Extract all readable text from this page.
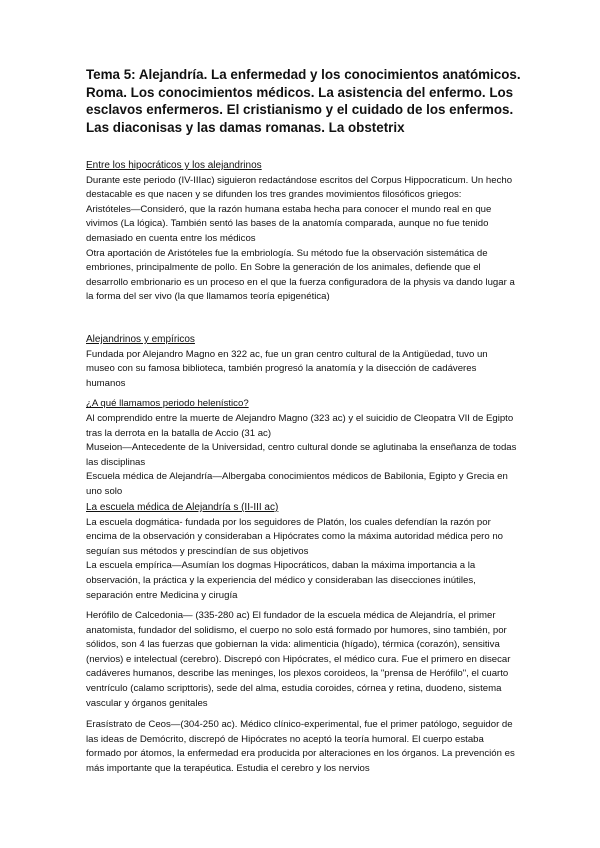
Tema 5: Alejandría. La enfermedad y los conocimientos anatómicos. Roma. Los conocimientos médicos. La asistencia del enfermo. Los esclavos enfermeros. El cristianismo y el cuidado de los enfermos. Las diaconisas y las damas romanas. La obstetrix

Entre los hipocráticos y los alejandrinos

Durante este periodo (IV-IIIac) siguieron redactándose escritos del Corpus Hippocraticum. Un hecho destacable es que nacen y se difunden los tres grandes movimientos filosóficos griegos:

Aristóteles—Consideró, que la razón humana estaba hecha para conocer el mundo real en que vivimos (La lógica). También sentó las bases de la anatomía comparada, aunque no fue tenido demasiado en cuenta entre los médicos

Otra aportación de Aristóteles fue la embriología. Su método fue la observación sistemática de embriones, principalmente de pollo. En Sobre la generación de los animales, defiende que el desarrollo embrionario es un proceso en el que la fuerza configuradora de la physis va dando lugar a la forma del ser vivo (la que llamamos teoría epigenética)

Alejandrinos y empíricos

Fundada por Alejandro Magno en 322 ac, fue un gran centro cultural de la Antigüedad, tuvo un museo con su famosa biblioteca, también progresó la anatomía y la disección de cadáveres humanos

¿A qué llamamos periodo helenístico?

Al comprendido entre la muerte de Alejandro Magno (323 ac) y el suicidio de Cleopatra VII de Egipto tras la derrota en la batalla de Accio (31 ac)

Museion—Antecedente de la Universidad, centro cultural donde se aglutinaba la enseñanza de todas las disciplinas

Escuela médica de Alejandría—Albergaba conocimientos médicos de Babilonia, Egipto y Grecia en uno solo

La escuela médica de Alejandría s (II-III ac)

La escuela dogmática- fundada por los seguidores de Platón, los cuales defendían la razón por encima de la observación y consideraban a Hipócrates como la máxima autoridad médica pero no seguían sus métodos y prescindían de sus objetivos

La escuela empírica—Asumían los dogmas Hipocráticos, daban la máxima importancia a la observación, la práctica y la experiencia del médico y consideraban las disecciones inútiles, separación entre Medicina y cirugía

Herófilo de Calcedonia— (335-280 ac) El fundador de la escuela médica de Alejandría, el primer anatomista, fundador del solidismo, el cuerpo no solo está formado por humores, sino también, por sólidos, son 4 las fuerzas que gobiernan la vida: alimenticia (hígado), térmica (corazón), sensitiva (nervios) e intelectual (cerebro). Discrepó con Hipócrates, el médico cura. Fue el primero en disecar cadáveres humanos, describe las meninges, los plexos coroideos, la "prensa de Herófilo", el cuarto ventrículo (calamo scripttoris), sede del alma, estudia coroides, córnea y retina, duodeno, sistema vascular y órganos genitales

Erasístrato de Ceos—(304-250 ac). Médico clínico-experimental, fue el primer patólogo, seguidor de las ideas de Demócrito, discrepó de Hipócrates no aceptó la teoría humoral. El cuerpo estaba formado por átomos, la enfermedad era producida por alteraciones en los órganos. La prevención es más importante que la terapéutica. Estudia el cerebro y los nervios
